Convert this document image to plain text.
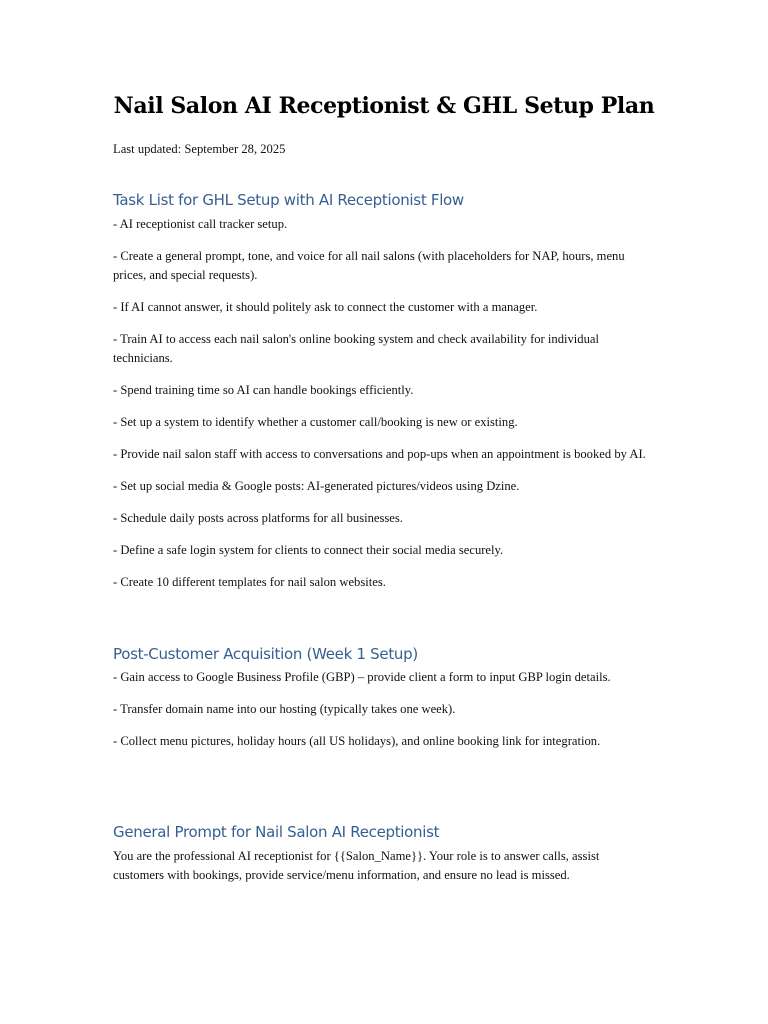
Nail Salon AI Receptionist & GHL Setup Plan

Last updated: September 28, 2025

Task List for GHL Setup with AI Receptionist Flow
- AI receptionist call tracker setup.
- Create a general prompt, tone, and voice for all nail salons (with placeholders for NAP, hours, menu prices, and special requests).
- If AI cannot answer, it should politely ask to connect the customer with a manager.
- Train AI to access each nail salon's online booking system and check availability for individual technicians.
- Spend training time so AI can handle bookings efficiently.
- Set up a system to identify whether a customer call/booking is new or existing.
- Provide nail salon staff with access to conversations and pop-ups when an appointment is booked by AI.
- Set up social media & Google posts: AI-generated pictures/videos using Dzine.
- Schedule daily posts across platforms for all businesses.
- Define a safe login system for clients to connect their social media securely.
- Create 10 different templates for nail salon websites.
Post-Customer Acquisition (Week 1 Setup)
- Gain access to Google Business Profile (GBP) – provide client a form to input GBP login details.
- Transfer domain name into our hosting (typically takes one week).
- Collect menu pictures, holiday hours (all US holidays), and online booking link for integration.
General Prompt for Nail Salon AI Receptionist

You are the professional AI receptionist for {{Salon_Name}}. Your role is to answer calls, assist customers with bookings, provide service/menu information, and ensure no lead is missed.
